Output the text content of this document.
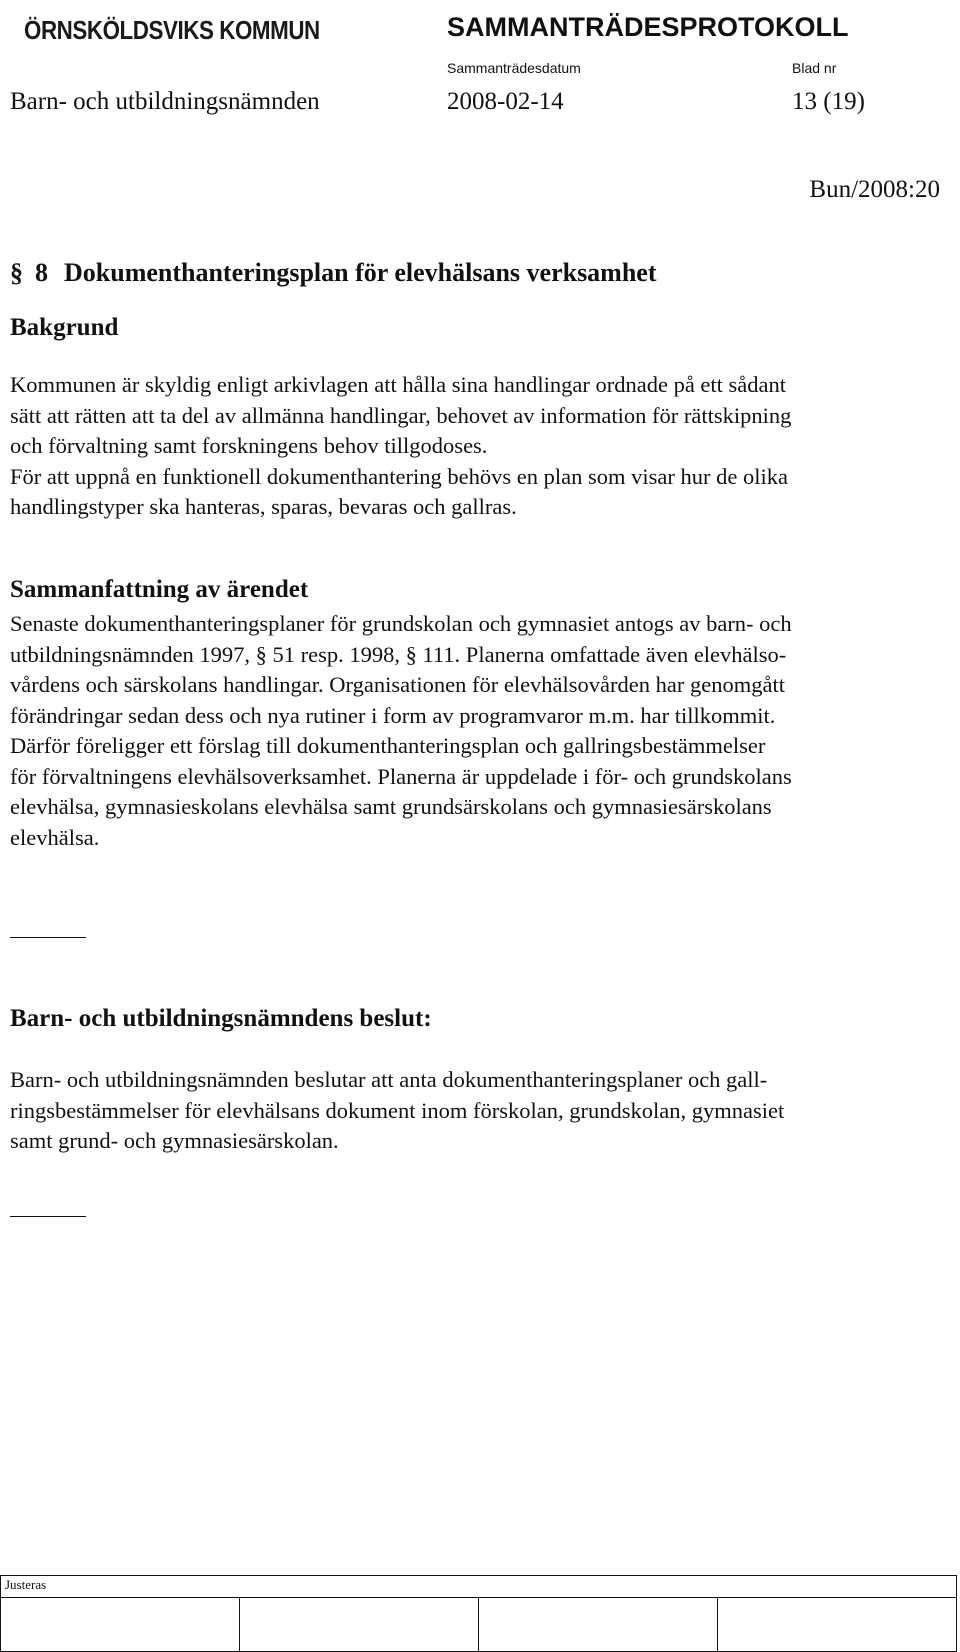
ÖRNSKÖLDSVIKS KOMMUN	SAMMANTRÄDESPROTOKOLL
Sammanträdesdatum	Blad nr
Barn- och utbildningsnämnden	2008-02-14	13 (19)
Bun/2008:20
§ 8 Dokumenthanteringsplan för elevhälsans verksamhet
Bakgrund
Kommunen är skyldig enligt arkivlagen att hålla sina handlingar ordnade på ett sådant
sätt att rätten att ta del av allmänna handlingar, behovet av information för rättskipning
och förvaltning samt forskningens behov tillgodoses.
För att uppnå en funktionell dokumenthantering behövs en plan som visar hur de olika
handlingstyper ska hanteras, sparas, bevaras och gallras.
Sammanfattning av ärendet
Senaste dokumenthanteringsplaner för grundskolan och gymnasiet antogs av barn- och
utbildningsnämnden 1997, § 51 resp. 1998, § 111. Planerna omfattade även elevhälso-
vårdens och särskolans handlingar. Organisationen för elevhälsovården har genomgått
förändringar sedan dess och nya rutiner i form av programvaror m.m. har tillkommit.
Därför föreligger ett förslag till dokumenthanteringsplan och gallringsbestämmelser
för förvaltningens elevhälsoverksamhet. Planerna är uppdelade i för- och grundskolans
elevhälsa, gymnasieskolans elevhälsa samt grundsärskolans och gymnasiesärskolans
elevhälsa.
Barn- och utbildningsnämndens beslut:
Barn- och utbildningsnämnden beslutar att anta dokumenthanteringsplaner och gall-
ringsbestämmelser för elevhälsans dokument inom förskolan, grundskolan, gymnasiet
samt grund- och gymnasiesärskolan.
Justeras
